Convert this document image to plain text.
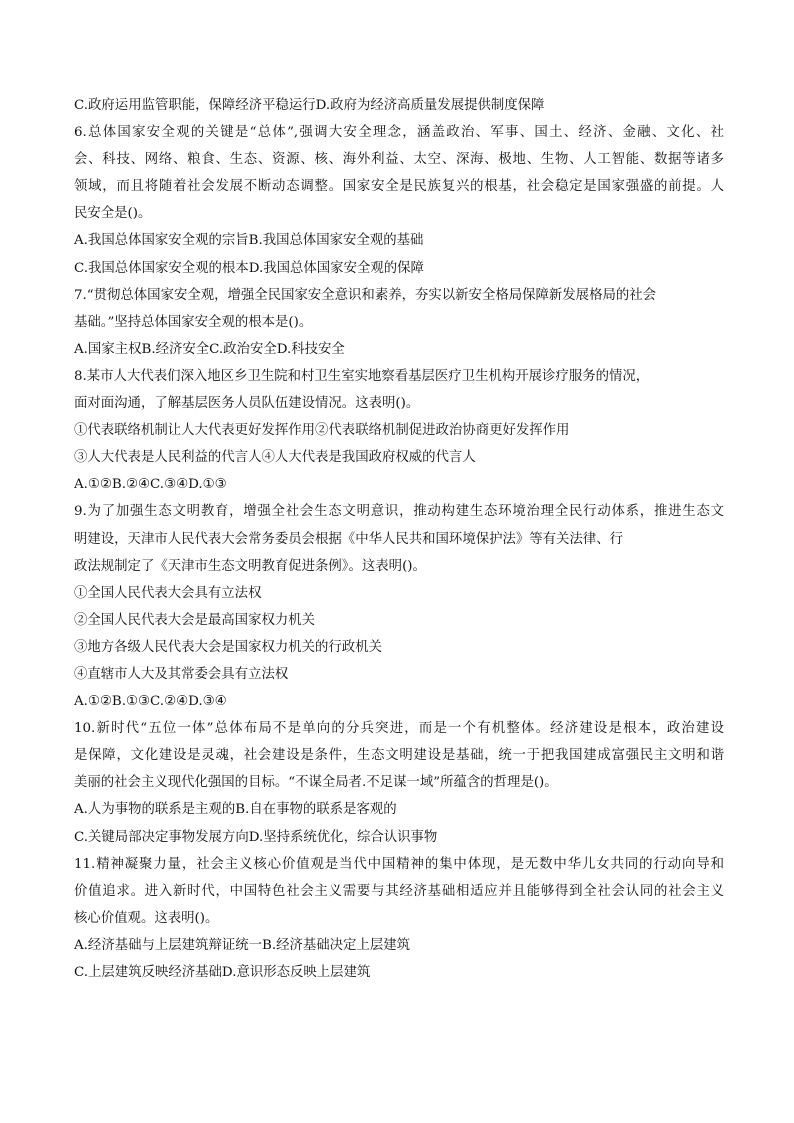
C.政府运用监管职能，保障经济平稳运行D.政府为经济高质量发展提供制度保障
6.总体国家安全观的关键是“总体”,强调大安全理念，涵盖政治、军事、国土、经济、金融、文化、社
会、科技、网络、粮食、生态、资源、核、海外利益、太空、深海、极地、生物、人工智能、数据等诸多
领域，而且将随着社会发展不断动态调整。国家安全是民族复兴的根基，社会稳定是国家强盛的前提。人
民安全是()。
A.我国总体国家安全观的宗旨B.我国总体国家安全观的基础
C.我国总体国家安全观的根本D.我国总体国家安全观的保障
7.“贯彻总体国家安全观，增强全民国家安全意识和素养，夯实以新安全格局保障新发展格局的社会
基础。”坚持总体国家安全观的根本是()。
A.国家主权B.经济安全C.政治安全D.科技安全
8.某市人大代表们深入地区乡卫生院和村卫生室实地察看基层医疗卫生机构开展诊疗服务的情况，
面对面沟通，了解基层医务人员队伍建设情况。这表明()。
①代表联络机制让人大代表更好发挥作用②代表联络机制促进政治协商更好发挥作用
③人大代表是人民利益的代言人④人大代表是我国政府权威的代言人
A.①②B.②④C.③④D.①③
9.为了加强生态文明教育，增强全社会生态文明意识，推动构建生态环境治理全民行动体系，推进生态文
明建设，天津市人民代表大会常务委员会根据《中华人民共和国环境保护法》等有关法律、行
政法规制定了《天津市生态文明教育促进条例》。这表明()。
①全国人民代表大会具有立法权
②全国人民代表大会是最高国家权力机关
③地方各级人民代表大会是国家权力机关的行政机关
④直辖市人大及其常委会具有立法权
A.①②B.①③C.②④D.③④
10.新时代“五位一体”总体布局不是单向的分兵突进，而是一个有机整体。经济建设是根本，政治建设
是保障，文化建设是灵魂，社会建设是条件，生态文明建设是基础，统一于把我国建成富强民主文明和谐
美丽的社会主义现代化强国的目标。“不谋全局者.不足谋一域”所蕴含的哲理是()。
A.人为事物的联系是主观的B.自在事物的联系是客观的
C.关键局部决定事物发展方向D.坚持系统优化，综合认识事物
11.精神凝聚力量，社会主义核心价值观是当代中国精神的集中体现，是无数中华儿女共同的行动向导和
价值追求。进入新时代，中国特色社会主义需要与其经济基础相适应并且能够得到全社会认同的社会主义
核心价值观。这表明()。
A.经济基础与上层建筑辩证统一B.经济基础决定上层建筑
C.上层建筑反映经济基础D.意识形态反映上层建筑
